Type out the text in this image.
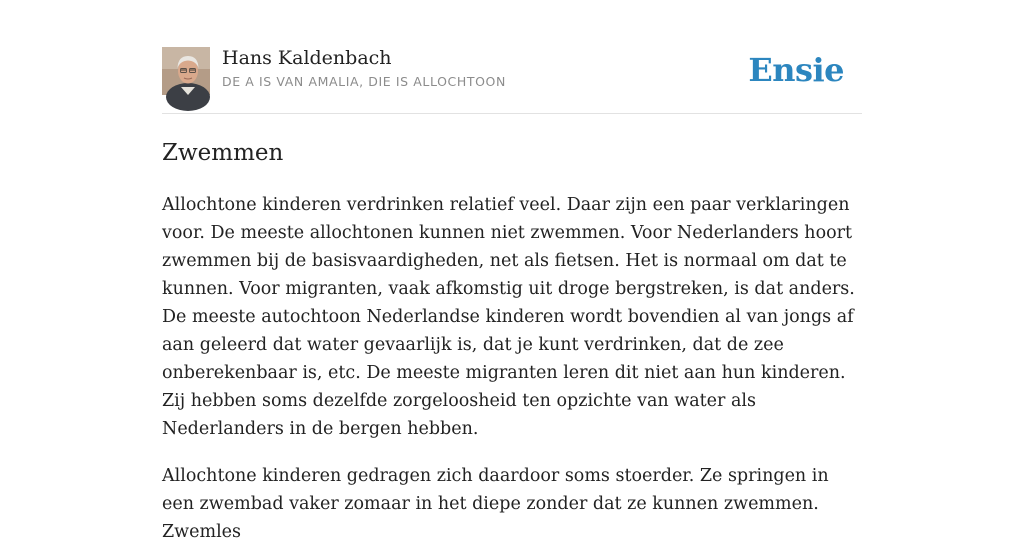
Hans Kaldenbach
DE A IS VAN AMALIA, DIE IS ALLOCHTOON	Ensie
Zwemmen

Allochtone kinderen verdrinken relatief veel. Daar zijn een paar verklaringen voor. De meeste allochtonen kunnen niet zwemmen. Voor Nederlanders hoort zwemmen bij de basisvaardigheden, net als fietsen. Het is normaal om dat te kunnen. Voor migranten, vaak afkomstig uit droge bergstreken, is dat anders. De meeste autochtoon Nederlandse kinderen wordt bovendien al van jongs af aan geleerd dat water gevaarlijk is, dat je kunt verdrinken, dat de zee onberekenbaar is, etc. De meeste migranten leren dit niet aan hun kinderen. Zij hebben soms dezelfde zorgeloosheid ten opzichte van water als Nederlanders in de bergen hebben.

Allochtone kinderen gedragen zich daardoor soms stoerder. Ze springen in een zwembad vaker zomaar in het diepe zonder dat ze kunnen zwemmen. Zwemles
